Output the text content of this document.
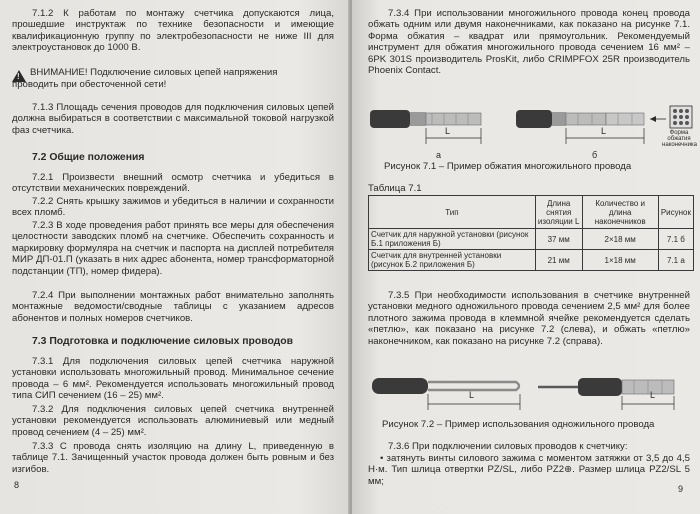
7.1.2 К работам по монтажу счетчика допускаются лица, прошедшие инструктаж по технике безопасности и имеющие квалификационную группу по электробезопасности не ниже III для электроустановок до 1000 В.
! ВНИМАНИЕ! Подключение силовых цепей напряжения
проводить при обесточенной сети!
7.1.3 Площадь сечения проводов для подключения силовых цепей должна выбираться в соответствии с максимальной токовой нагрузкой фаз счетчика.
7.2 Общие положения
7.2.1 Произвести внешний осмотр счетчика и убедиться в отсутствии механических повреждений.
7.2.2 Снять крышку зажимов и убедиться в наличии и сохранности всех пломб.
7.2.3 В ходе проведения работ принять все меры для обеспечения целостности заводских пломб на счетчике. Обеспечить сохранность и маркировку формуляра на счетчик и паспорта на дисплей потребителя МИР ДП-01.П (указать в них адрес абонента, номер трансформаторной подстанции (ТП), номер фидера).
7.2.4 При выполнении монтажных работ внимательно заполнять монтажные ведомости/сводные таблицы с указанием адресов абонентов и полных номеров счетчиков.
7.3 Подготовка и подключение силовых проводов
7.3.1 Для подключения силовых цепей счетчика наружной установки использовать многожильный провод. Минимальное сечение провода – 6 мм². Рекомендуется использовать многожильный провод типа СИП сечением (16 – 25) мм².
7.3.2 Для подключения силовых цепей счетчика внутренней установки рекомендуется использовать алюминиевый или медный провод сечением (4 – 25) мм².
7.3.3 С провода снять изоляцию на длину L, приведенную в таблице 7.1. Зачищенный участок провода должен быть ровным и без изгибов.
8
7.3.4 При использовании многожильного провода конец провода обжать одним или двумя наконечниками, как показано на рисунке 7.1. Форма обжатия – квадрат или прямоугольник. Рекомендуемый инструмент для обжатия многожильного провода сечением 16 мм² – 6PK 301S производитель ProsKit, либо CRIMPFOX 25R производитель Phoenix Contact.
L	L
а	б
Форма обжатия наконечника
Рисунок 7.1 – Пример обжатия многожильного провода
Таблица 7.1
Тип	Длина снятия изоляции L	Количество и длина наконечников	Рисунок
Счетчик для наружной установки (рисунок Б.1 приложения Б)	37 мм	2×18 мм	7.1 б
Счетчик для внутренней установки (рисунок Б.2 приложения Б)	21 мм	1×18 мм	7.1 а
7.3.5 При необходимости использования в счетчике внутренней установки медного одножильного провода сечением 2,5 мм² для более плотного зажима провода в клеммной ячейке рекомендуется сделать «петлю», как показано на рисунке 7.2 (слева), и обжать «петлю» наконечником, как показано на рисунке 7.2 (справа).
L	L
Рисунок 7.2 – Пример использования одножильного провода
7.3.6 При подключении силовых проводов к счетчику:
• затянуть винты силового зажима с моментом затяжки от 3,5 до 4,5 Н·м. Тип шлица отвертки PZ/SL, либо PZ2⊕. Размер шлица PZ2/SL 5 мм;
9
